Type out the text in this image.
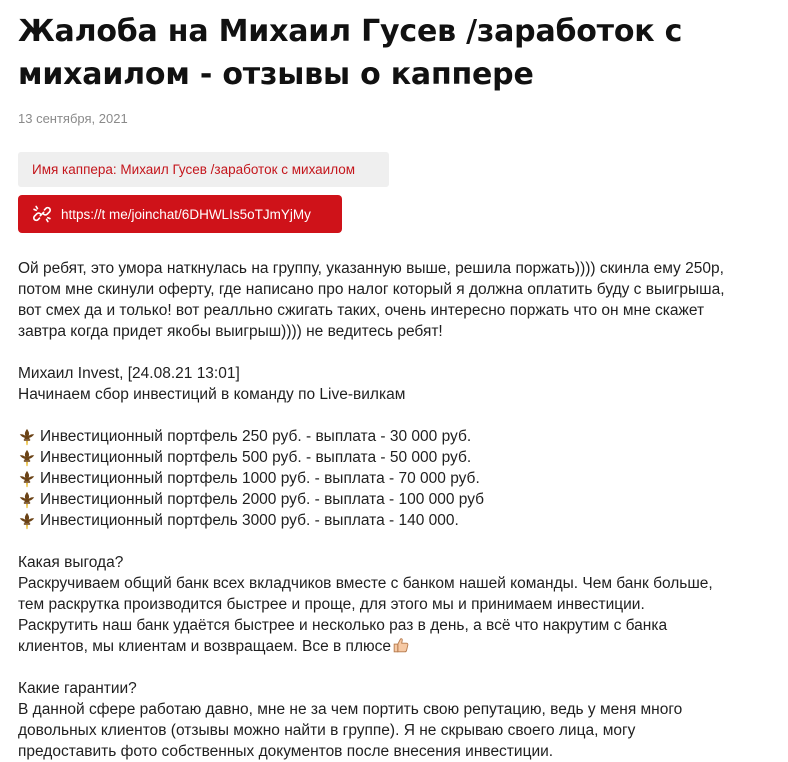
Жалоба на Михаил Гусев /заработок с михаилом - отзывы о каппере
13 сентября, 2021
Имя каппера: Михаил Гусев /заработок с михаилом
https://t me/joinchat/6DHWLIs5oTJmYjMy

Ой ребят, это умора наткнулась на группу, указанную выше, решила поржать)))) скинла ему 250р,

потом мне скинули оферту, где написано про налог который я должна оплатить буду с выигрыша,

вот смех да и только! вот реалльно сжигать таких, очень интересно поржать что он мне скажет

завтра когда придет якобы выигрыш)))) не ведитесь ребят!

Михаил Invest, [24.08.21 13:01]

Начинаем сбор инвестиций в команду по Live-вилкам

Инвестиционный портфель 250 руб. - выплата - 30 000 руб.
Инвестиционный портфель 500 руб. - выплата - 50 000 руб.
Инвестиционный портфель 1000 руб. - выплата - 70 000 руб.
Инвестиционный портфель 2000 руб. - выплата - 100 000 руб
Инвестиционный портфель 3000 руб. - выплата - 140 000.

Какая выгода?

Раскручиваем общий банк всех вкладчиков вместе с банком нашей команды. Чем банк больше,

тем раскрутка производится быстрее и проще, для этого мы и принимаем инвестиции.

Раскрутить наш банк удаётся быстрее и несколько раз в день, а всё что накрутим с банка

клиентов, мы клиентам и возвращаем. Все в плюсе

Какие гарантии?

В данной сфере работаю давно, мне не за чем портить свою репутацию, ведь у меня много

довольных клиентов (отзывы можно найти в группе). Я не скрываю своего лица, могу

предоставить фото собственных документов после внесения инвестиции.
